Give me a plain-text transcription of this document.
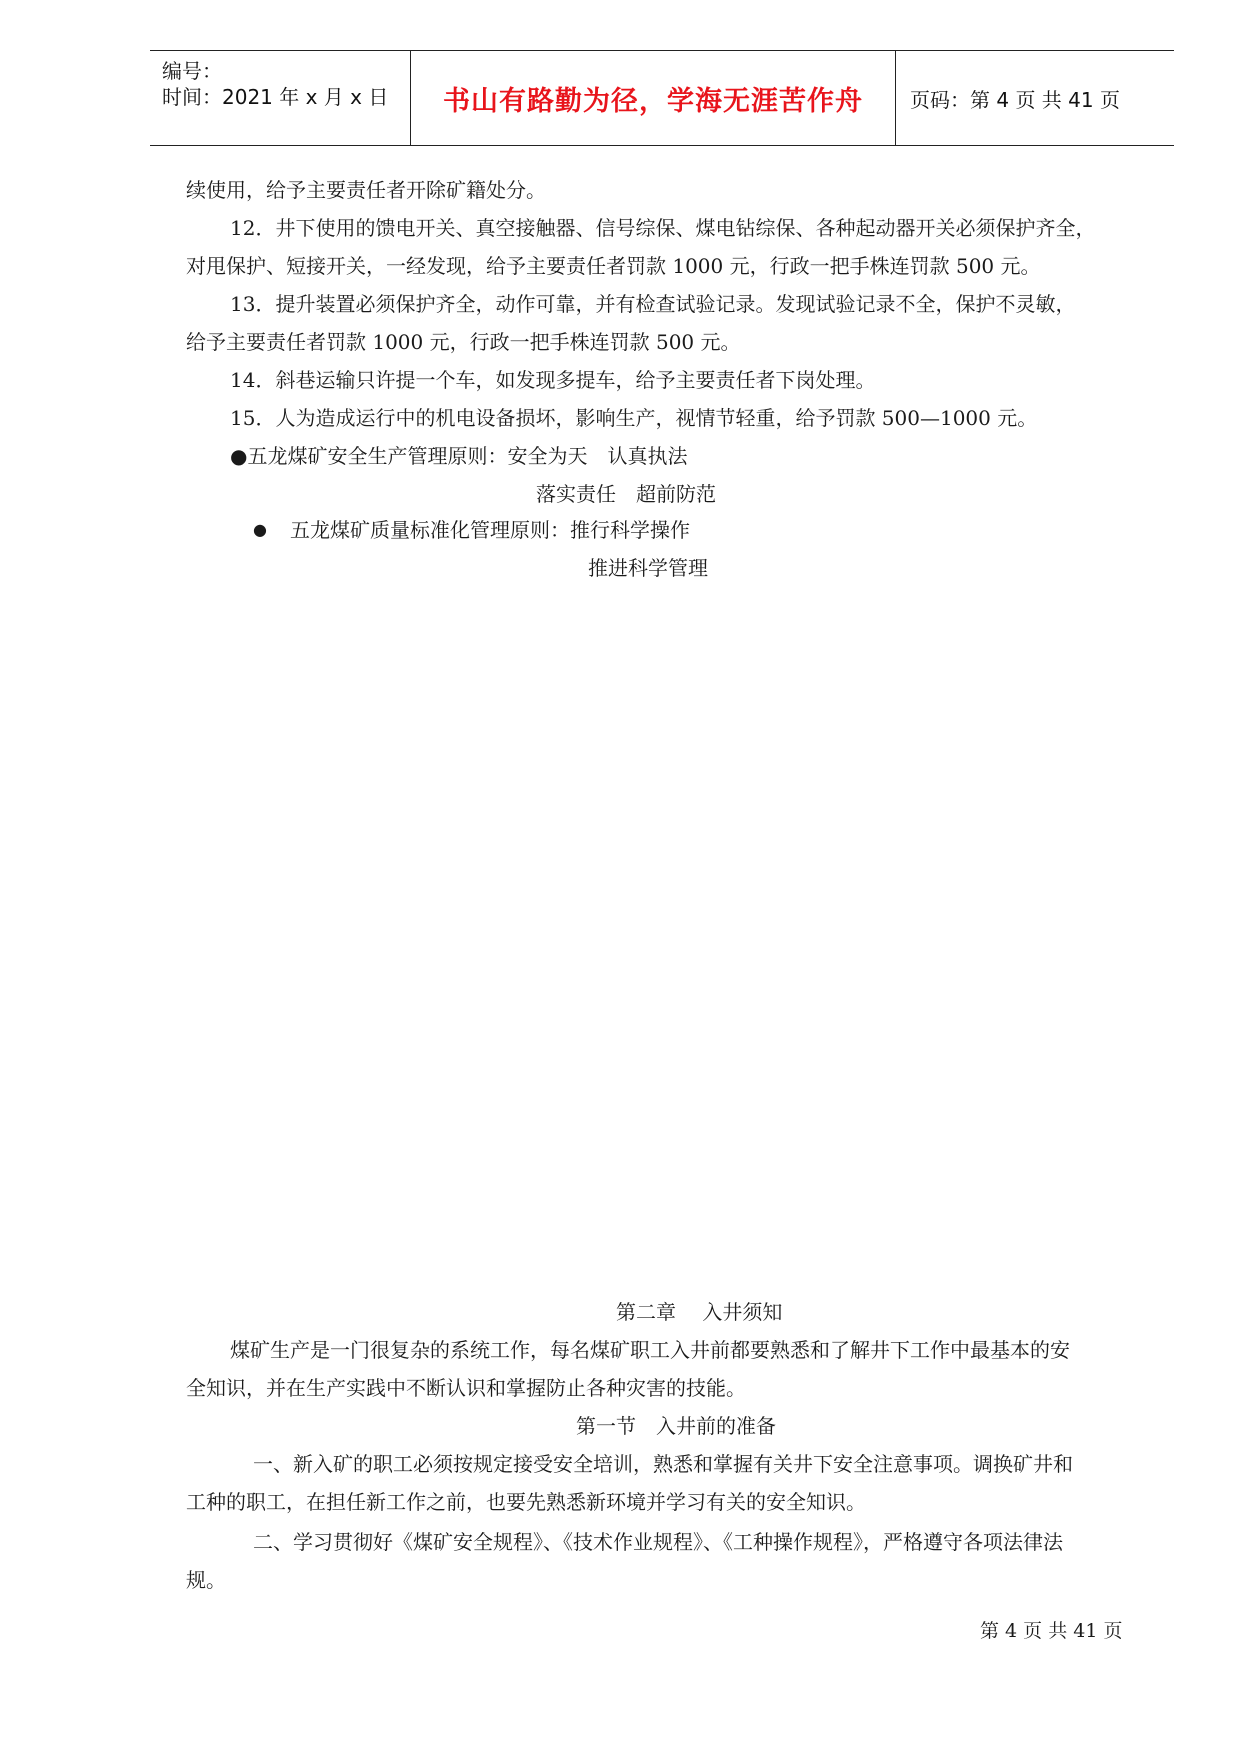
编号：
时间：2021 年 x 月 x 日 书山有路勤为径，学海无涯苦作舟 页码：第 4 页 共 41 页
续使用，给予主要责任者开除矿籍处分。
12．井下使用的馈电开关、真空接触器、信号综保、煤电钻综保、各种起动器开关必须保护齐全，
对甩保护、短接开关，一经发现，给予主要责任者罚款 1000 元，行政一把手株连罚款 500 元。
13．提升装置必须保护齐全，动作可靠，并有检查试验记录。发现试验记录不全，保护不灵敏，
给予主要责任者罚款 1000 元，行政一把手株连罚款 500 元。
14．斜巷运输只许提一个车，如发现多提车，给予主要责任者下岗处理。
15．人为造成运行中的机电设备损坏，影响生产，视情节轻重，给予罚款 500—1000 元。
●五龙煤矿安全生产管理原则：安全为天　认真执法
落实责任　超前防范
● 五龙煤矿质量标准化管理原则：推行科学操作
推进科学管理
第二章　 入井须知
煤矿生产是一门很复杂的系统工作，每名煤矿职工入井前都要熟悉和了解井下工作中最基本的安
全知识，并在生产实践中不断认识和掌握防止各种灾害的技能。
第一节　入井前的准备
一、新入矿的职工必须按规定接受安全培训，熟悉和掌握有关井下安全注意事项。调换矿井和
工种的职工，在担任新工作之前，也要先熟悉新环境并学习有关的安全知识。
二、学习贯彻好《煤矿安全规程》、《技术作业规程》、《工种操作规程》，严格遵守各项法律法
规。
第 4 页 共 41 页
